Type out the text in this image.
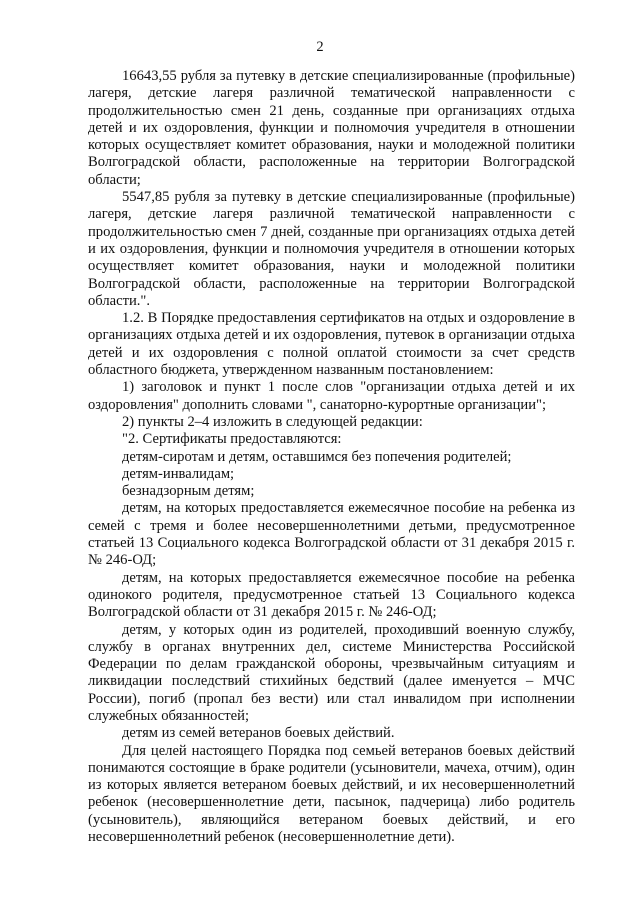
2

16643,55 рубля за путевку в детские специализированные (профильные) лагеря, детские лагеря различной тематической направленности с продолжительностью смен 21 день, созданные при организациях отдыха детей и их оздоровления, функции и полномочия учредителя в отношении которых осуществляет комитет образования, науки и молодежной политики Волгоградской области, расположенные на территории Волгоградской области;

5547,85 рубля за путевку в детские специализированные (профильные) лагеря, детские лагеря различной тематической направленности с продолжительностью смен 7 дней, созданные при организациях отдыха детей и их оздоровления, функции и полномочия учредителя в отношении которых осуществляет комитет образования, науки и молодежной политики Волгоградской области, расположенные на территории Волгоградской области.".

1.2. В Порядке предоставления сертификатов на отдых и оздоровление в организациях отдыха детей и их оздоровления, путевок в организации отдыха детей и их оздоровления с полной оплатой стоимости за счет средств областного бюджета, утвержденном названным постановлением:

1) заголовок и пункт 1 после слов "организации отдыха детей и их оздоровления" дополнить словами ", санаторно-курортные организации";

2) пункты 2–4 изложить в следующей редакции:

"2. Сертификаты предоставляются:

детям-сиротам и детям, оставшимся без попечения родителей;

детям-инвалидам;

безнадзорным детям;

детям, на которых предоставляется ежемесячное пособие на ребенка из семей с тремя и более несовершеннолетними детьми, предусмотренное статьей 13 Социального кодекса Волгоградской области от 31 декабря 2015 г. № 246-ОД;

детям, на которых предоставляется ежемесячное пособие на ребенка одинокого родителя, предусмотренное статьей 13 Социального кодекса Волгоградской области от 31 декабря 2015 г. № 246-ОД;

детям, у которых один из родителей, проходивший военную службу, службу в органах внутренних дел, системе Министерства Российской Федерации по делам гражданской обороны, чрезвычайным ситуациям и ликвидации последствий стихийных бедствий (далее именуется – МЧС России), погиб (пропал без вести) или стал инвалидом при исполнении служебных обязанностей;

детям из семей ветеранов боевых действий.

Для целей настоящего Порядка под семьей ветеранов боевых действий понимаются состоящие в браке родители (усыновители, мачеха, отчим), один из которых является ветераном боевых действий, и их несовершеннолетний ребенок (несовершеннолетние дети, пасынок, падчерица) либо родитель (усыновитель), являющийся ветераном боевых действий, и его несовершеннолетний ребенок (несовершеннолетние дети).
